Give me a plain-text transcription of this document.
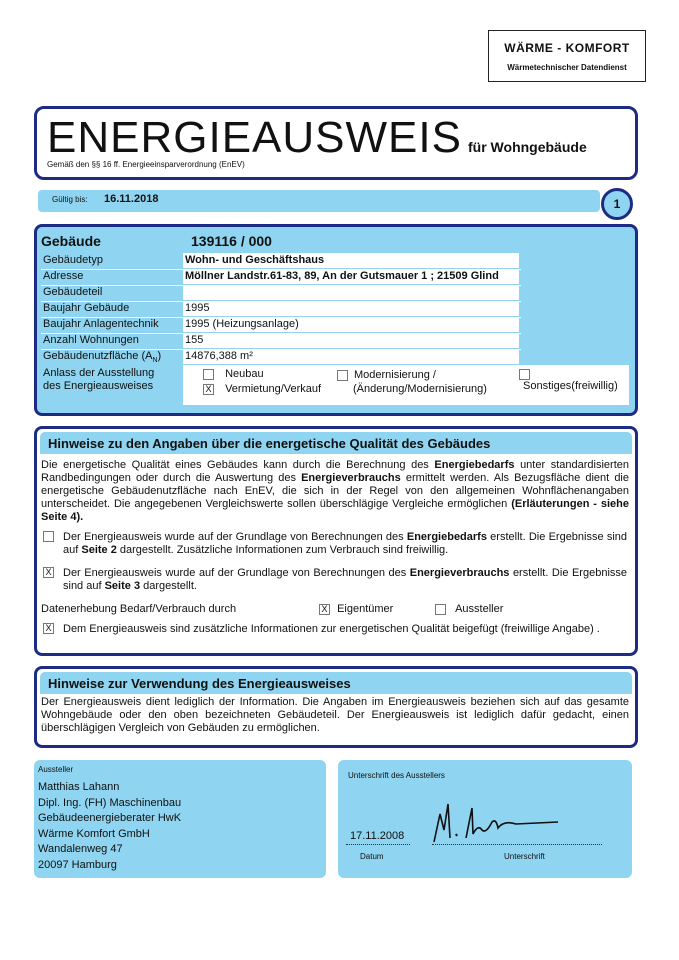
WÄRME - KOMFORT
Wärmetechnischer Datendienst
ENERGIEAUSWEIS für Wohngebäude
Gemäß den §§ 16 ff. Energieeinsparverordnung (EnEV)
Gültig bis: 16.11.2018	1
Gebäude	139116 / 000
Gebäudetyp	Wohn- und Geschäftshaus
Adresse	Möllner Landstr.61-83, 89, An der Gutsmauer 1 ; 21509 Glind
Gebäudeteil
Baujahr Gebäude	1995
Baujahr Anlagentechnik 1995 (Heizungsanlage)
Anzahl Wohnungen	155
Gebäudenutzfläche $(A_N)$ 14876,388 m²
Anlass der Ausstellung
des Energieausweises
Neubau
X Vermietung/Verkauf
Modernisierung /
(Änderung/Modernisierung)	Sonstiges(freiwillig)
Hinweise zu den Angaben über die energetische Qualität des Gebäudes
Die energetische Qualität eines Gebäudes kann durch die Berechnung des Energiebedarfs unter standardisierten Randbedingungen oder durch die Auswertung des Energieverbrauchs ermittelt werden. Als Bezugsfläche dient die energetische Gebäudenutzfläche nach EnEV, die sich in der Regel von den allgemeinen Wohnflächenangaben unterscheidet. Die angegebenen Vergleichswerte sollen überschlägige Vergleiche ermöglichen (Erläuterungen - siehe Seite 4).
Der Energieausweis wurde auf der Grundlage von Berechnungen des Energiebedarfs erstellt. Die Ergebnisse sind auf Seite 2 dargestellt. Zusätzliche Informationen zum Verbrauch sind freiwillig.
X Der Energieausweis wurde auf der Grundlage von Berechnungen des Energieverbrauchs erstellt. Die Ergebnisse sind auf Seite 3 dargestellt.
Datenerhebung Bedarf/Verbrauch durch	X Eigentümer	Aussteller
X Dem Energieausweis sind zusätzliche Informationen zur energetischen Qualität beigefügt (freiwillige Angabe) .
Hinweise zur Verwendung des Energieausweises
Der Energieausweis dient lediglich der Information. Die Angaben im Energieausweis beziehen sich auf das gesamte Wohngebäude oder den oben bezeichneten Gebäudeteil. Der Energieausweis ist lediglich dafür gedacht, einen überschlägigen Vergleich von Gebäuden zu ermöglichen.
Aussteller
Matthias Lahann
Dipl. Ing. (FH) Maschinenbau
Gebäudeenergieberater HwK
Wärme Komfort GmbH
Wandalenweg 47
20097 Hamburg
Unterschrift des Ausstellers
17.11.2008
Datum	Unterschrift
